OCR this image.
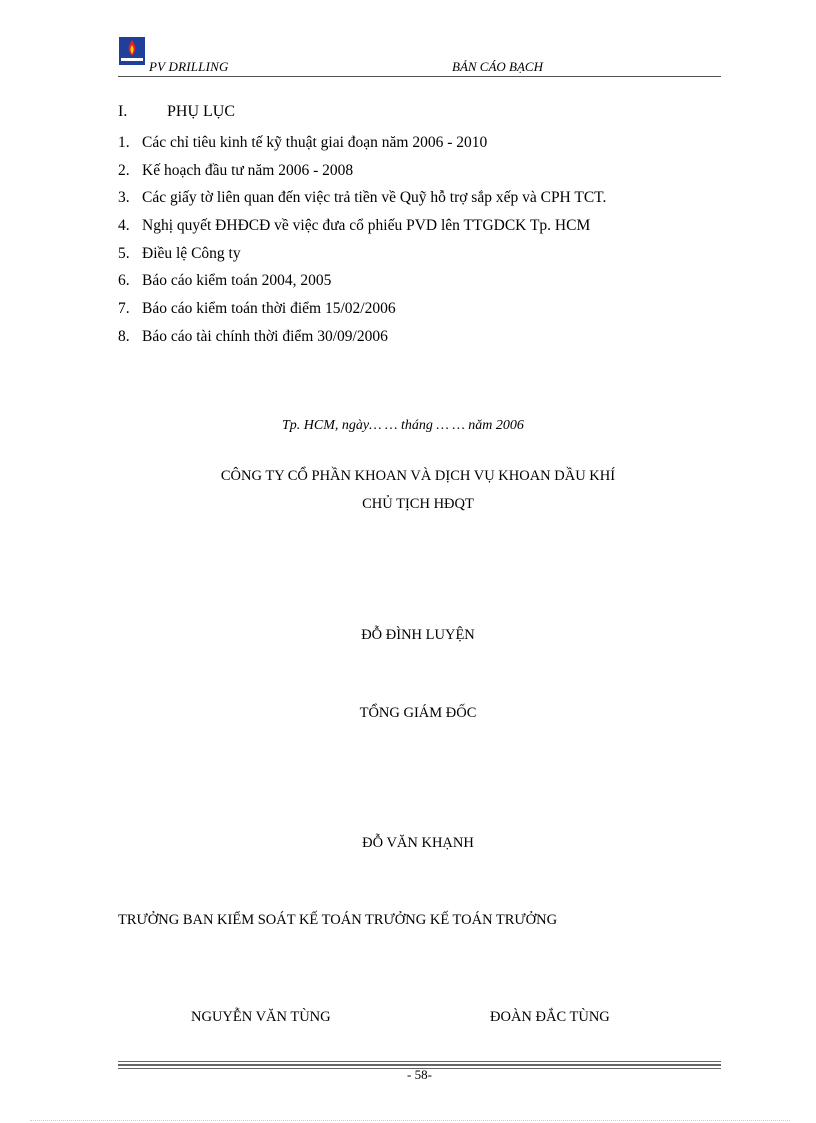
PV DRILLING	BẢN CÁO BẠCH
I. PHỤ LỤC
1. Các chỉ tiêu kinh tế kỹ thuật giai đoạn năm 2006 - 2010
2. Kế hoạch đầu tư năm 2006 - 2008
3. Các giấy tờ liên quan đến việc trả tiền về Quỹ hỗ trợ sắp xếp và CPH TCT.
4. Nghị quyết ĐHĐCĐ về việc đưa cổ phiếu PVD lên TTGDCK Tp. HCM
5. Điều lệ Công ty
6. Báo cáo kiểm toán 2004, 2005
7. Báo cáo kiểm toán thời điểm 15/02/2006
8. Báo cáo tài chính thời điểm 30/09/2006
Tp. HCM, ngày… … tháng … … năm 2006
CÔNG TY CỔ PHẦN KHOAN VÀ DỊCH VỤ KHOAN DẦU KHÍ
CHỦ TỊCH HĐQT
ĐỖ ĐÌNH LUYỆN
TỔNG GIÁM ĐỐC
ĐỖ VĂN KHẠNH
TRƯỞNG BAN KIỂM SOÁT KẾ TOÁN TRƯỞNG KẾ TOÁN TRƯỞNG
NGUYỄN VĂN TÙNG	ĐOÀN ĐẮC TÙNG
- 58-
